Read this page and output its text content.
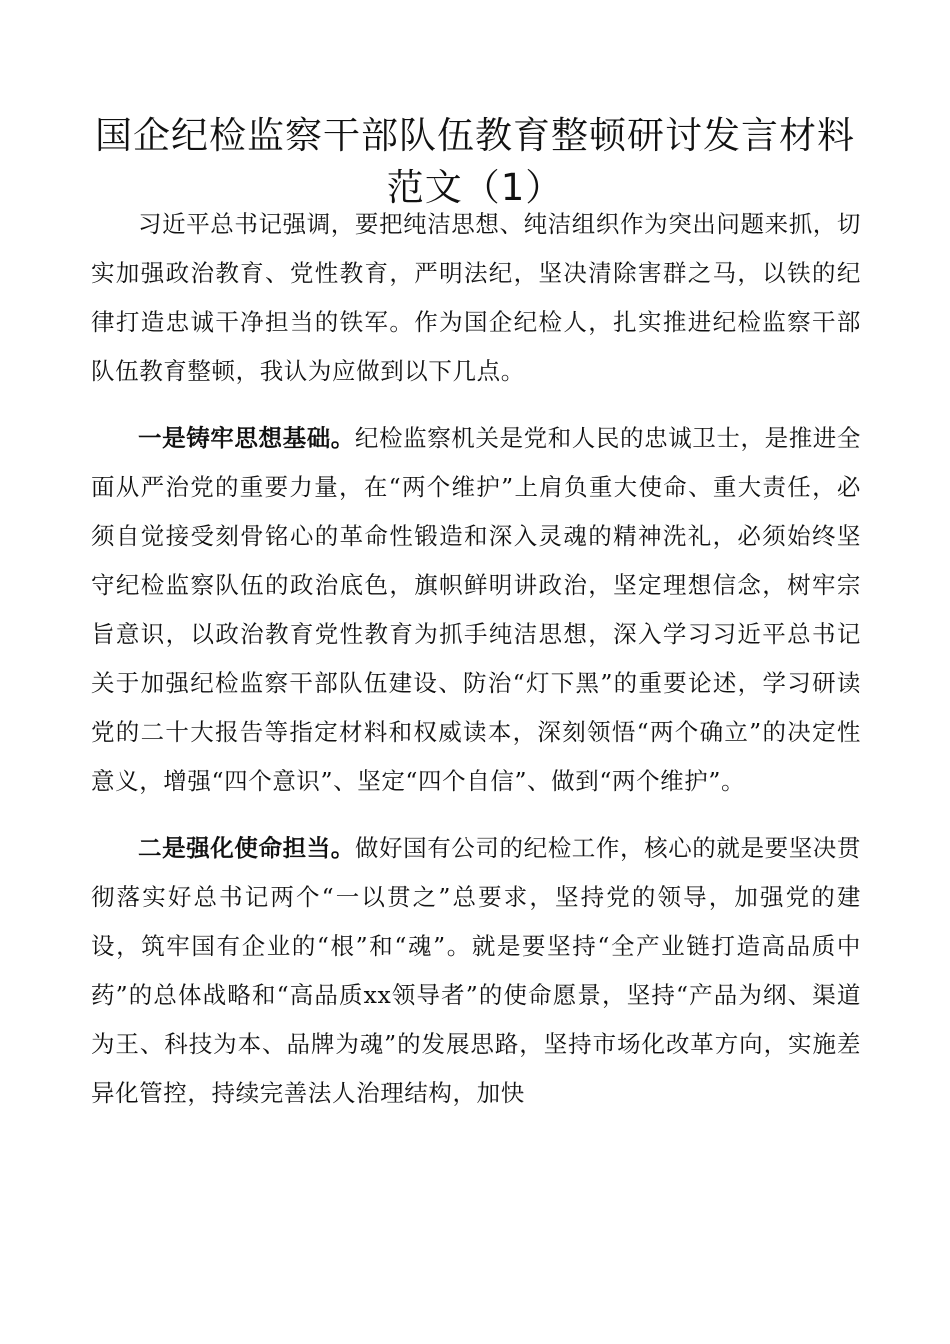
国企纪检监察干部队伍教育整顿研讨发言材料范文（1）

习近平总书记强调，要把纯洁思想、纯洁组织作为突出问题来抓，切实加强政治教育、党性教育，严明法纪，坚决清除害群之马，以铁的纪律打造忠诚干净担当的铁军。作为国企纪检人，扎实推进纪检监察干部队伍教育整顿，我认为应做到以下几点。

一是铸牢思想基础。纪检监察机关是党和人民的忠诚卫士，是推进全面从严治党的重要力量，在“两个维护”上肩负重大使命、重大责任，必须自觉接受刻骨铭心的革命性锻造和深入灵魂的精神洗礼，必须始终坚守纪检监察队伍的政治底色，旗帜鲜明讲政治，坚定理想信念，树牢宗旨意识，以政治教育党性教育为抓手纯洁思想，深入学习习近平总书记关于加强纪检监察干部队伍建设、防治“灯下黑”的重要论述，学习研读党的二十大报告等指定材料和权威读本，深刻领悟“两个确立”的决定性意义，增强“四个意识”、坚定“四个自信”、做到“两个维护”。

二是强化使命担当。做好国有公司的纪检工作，核心的就是要坚决贯彻落实好总书记两个“一以贯之”总要求，坚持党的领导，加强党的建设，筑牢国有企业的“根”和“魂”。就是要坚持“全产业链打造高品质中药”的总体战略和“高品质xx领导者”的使命愿景，坚持“产品为纲、渠道为王、科技为本、品牌为魂”的发展思路，坚持市场化改革方向，实施差异化管控，持续完善法人治理结构，加快
